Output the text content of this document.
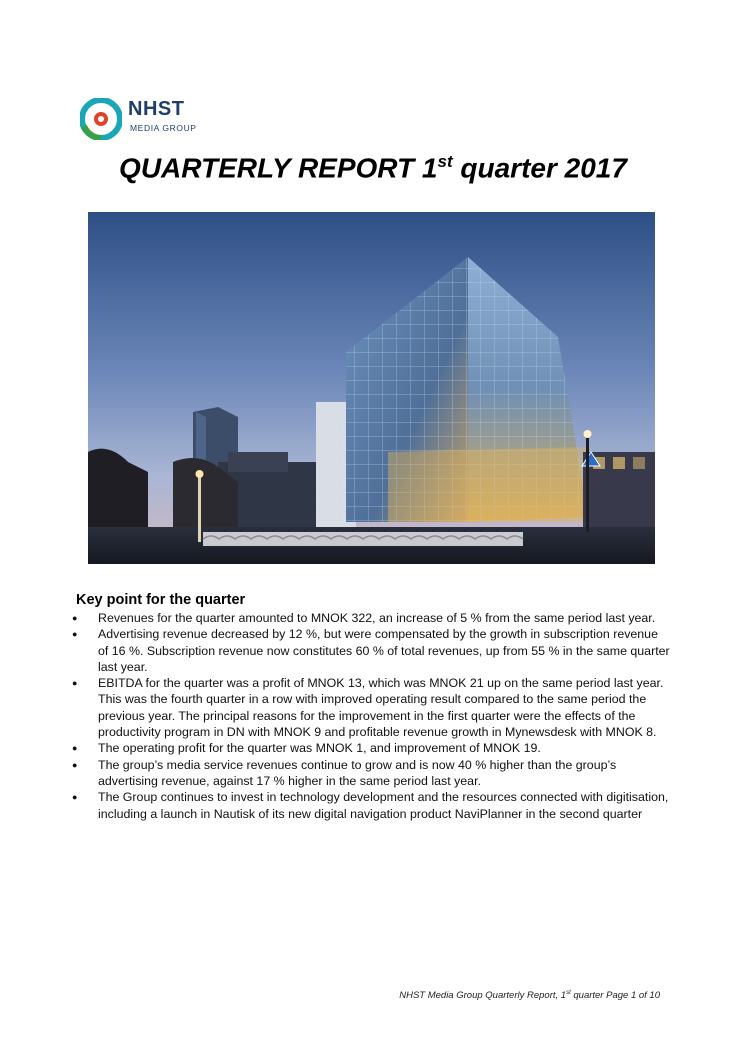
NHST
MEDIA GROUP
QUARTERLY REPORT 1st quarter 2017
Key point for the quarter
● Revenues for the quarter amounted to MNOK 322, an increase of 5 % from the same period last year.
● Advertising revenue decreased by 12 %, but were compensated by the growth in subscription revenue of 16 %. Subscription revenue now constitutes 60 % of total revenues, up from 55 % in the same quarter last year.
● EBITDA for the quarter was a profit of MNOK 13, which was MNOK 21 up on the same period last year. This was the fourth quarter in a row with improved operating result compared to the same period the previous year. The principal reasons for the improvement in the first quarter were the effects of the productivity program in DN with MNOK 9 and profitable revenue growth in Mynewsdesk with MNOK 8.
● The operating profit for the quarter was MNOK 1, and improvement of MNOK 19.
● The group’s media service revenues continue to grow and is now 40 % higher than the group’s advertising revenue, against 17 % higher in the same period last year.
● The Group continues to invest in technology development and the resources connected with digitisation, including a launch in Nautisk of its new digital navigation product NaviPlanner in the second quarter
NHST Media Group Quarterly Report, 1st quarter Page 1 of 10
